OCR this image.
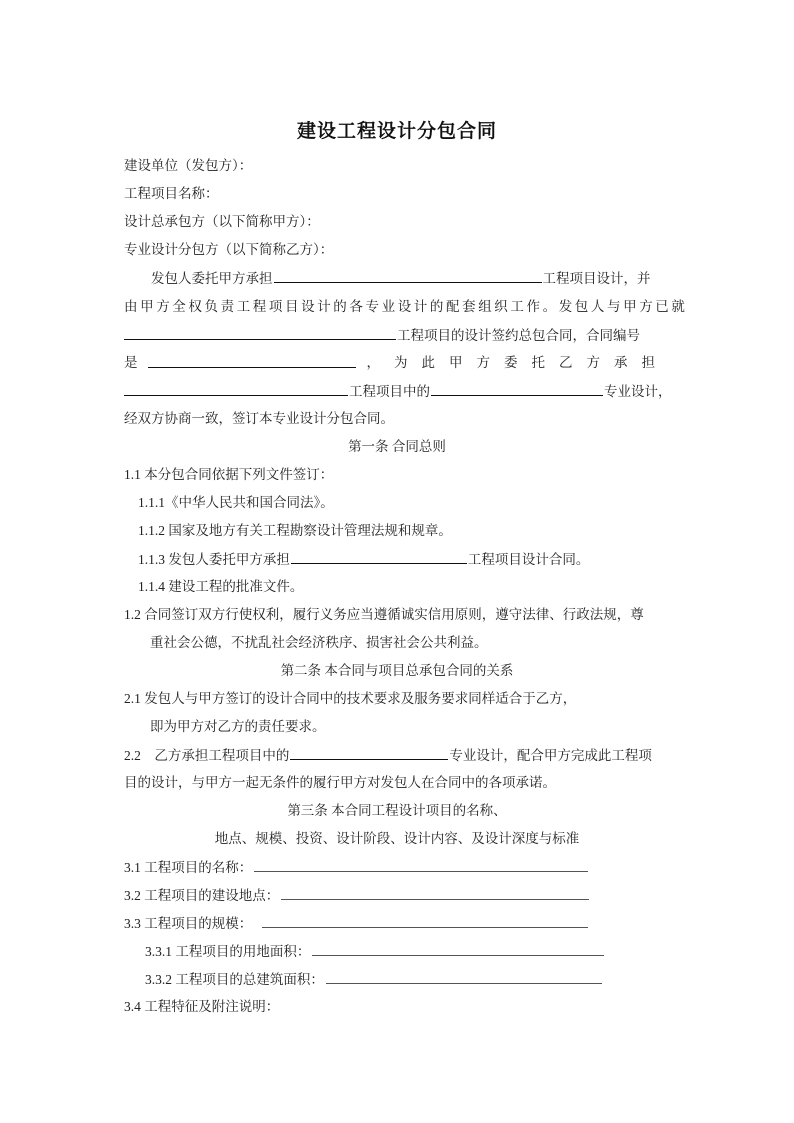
建设工程设计分包合同
建设单位（发包方）：
工程项目名称：
设计总承包方（以下简称甲方）：
专业设计分包方（以下简称乙方）：
发包人委托甲方承担	工程项目设计，并
由甲方全权负责工程项目设计的各专业设计的配套组织工作。发包人与甲方已就
工程项目的设计签约总包合同，合同编号
是	，为此甲方委托乙方承担
工程项目中的	专业设计，
经双方协商一致，签订本专业设计分包合同。
第一条 合同总则
1.1 本分包合同依据下列文件签订：
1.1.1《中华人民共和国合同法》。
1.1.2 国家及地方有关工程勘察设计管理法规和规章。
1.1.3 发包人委托甲方承担	工程项目设计合同。
1.1.4 建设工程的批准文件。
1.2 合同签订双方行使权利，履行义务应当遵循诚实信用原则，遵守法律、行政法规，尊
重社会公德，不扰乱社会经济秩序、损害社会公共利益。
第二条 本合同与项目总承包合同的关系
2.1 发包人与甲方签订的设计合同中的技术要求及服务要求同样适合于乙方，
即为甲方对乙方的责任要求。
2.2    乙方承担工程项目中的	专业设计，配合甲方完成此工程项
目的设计，与甲方一起无条件的履行甲方对发包人在合同中的各项承诺。
第三条 本合同工程设计项目的名称、
地点、规模、投资、设计阶段、设计内容、及设计深度与标准
3.1 工程项目的名称：
3.2 工程项目的建设地点：
3.3 工程项目的规模：
3.3.1 工程项目的用地面积：
3.3.2 工程项目的总建筑面积：
3.4 工程特征及附注说明：
